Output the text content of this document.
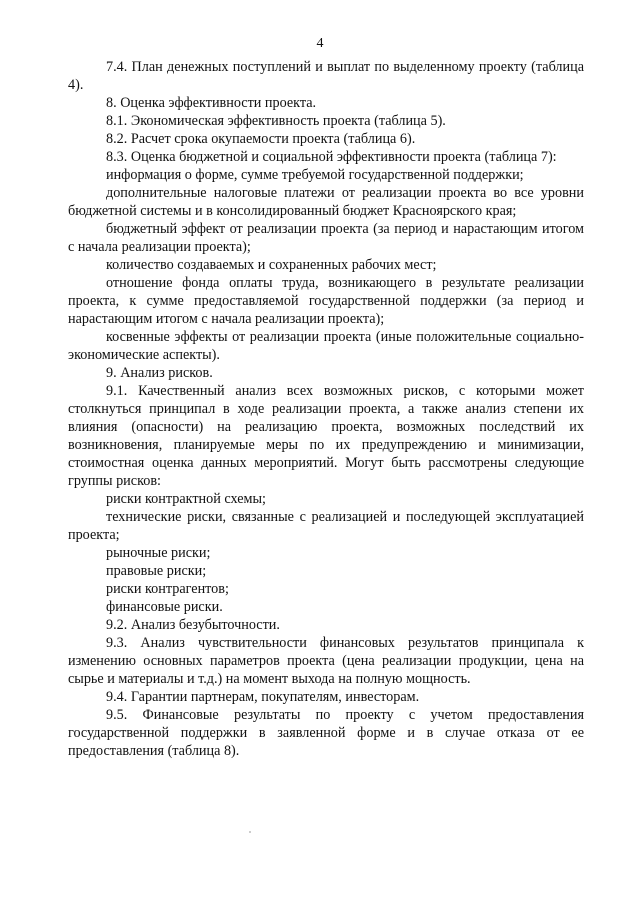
4

7.4. План денежных поступлений и выплат по выделенному проекту (таблица 4).

8. Оценка эффективности проекта.

8.1. Экономическая эффективность проекта (таблица 5).

8.2. Расчет срока окупаемости проекта (таблица 6).

8.3. Оценка бюджетной и социальной эффективности проекта (таблица 7):

информация о форме, сумме требуемой государственной поддержки;

дополнительные налоговые платежи от реализации проекта во все уровни бюджетной системы и в консолидированный бюджет Красноярского края;

бюджетный эффект от реализации проекта (за период и нарастающим итогом с начала реализации проекта);

количество создаваемых и сохраненных рабочих мест;

отношение фонда оплаты труда, возникающего в результате реализации проекта, к сумме предоставляемой государственной поддержки (за период и нарастающим итогом с начала реализации проекта);

косвенные эффекты от реализации проекта (иные положительные социально-экономические аспекты).

9. Анализ рисков.

9.1. Качественный анализ всех возможных рисков, с которыми может столкнуться принципал в ходе реализации проекта, а также анализ степени их влияния (опасности) на реализацию проекта, возможных последствий их возникновения, планируемые меры по их предупреждению и минимизации, стоимостная оценка данных мероприятий. Могут быть рассмотрены следующие группы рисков:

риски контрактной схемы;

технические риски, связанные с реализацией и последующей эксплуатацией проекта;

рыночные риски;

правовые риски;

риски контрагентов;

финансовые риски.

9.2. Анализ безубыточности.

9.3. Анализ чувствительности финансовых результатов принципала к изменению основных параметров проекта (цена реализации продукции, цена на сырье и материалы и т.д.) на момент выхода на полную мощность.

9.4. Гарантии партнерам, покупателям, инвесторам.

9.5. Финансовые результаты по проекту с учетом предоставления государственной поддержки в заявленной форме и в случае отказа от ее предоставления (таблица 8).
